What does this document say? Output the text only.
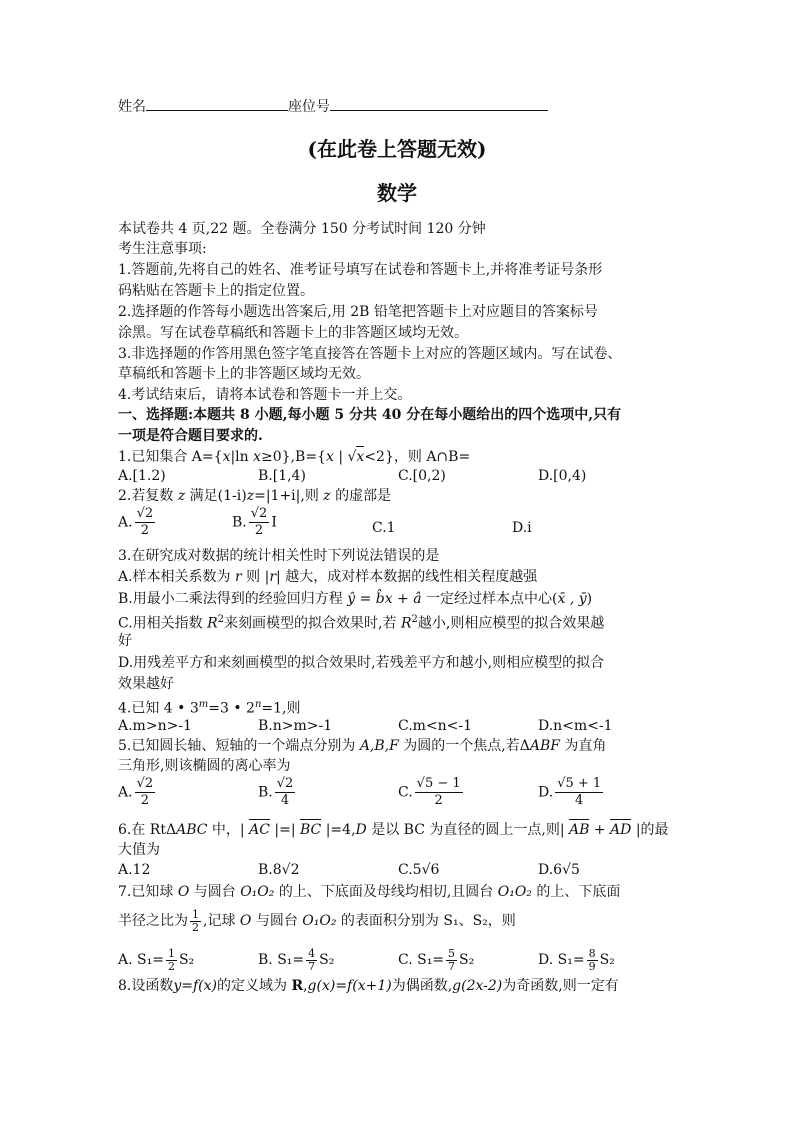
姓名	座位号
(在此卷上答题无效)
数学
本试卷共 4 页,22 题。全卷满分 150 分考试时间 120 分钟
考生注意事项:
1.答题前,先将自己的姓名、准考证号填写在试卷和答题卡上,并将准考证号条形
码粘贴在答题卡上的指定位置。
2.选择题的作答每小题选出答案后,用 2B 铅笔把答题卡上对应题目的答案标号
涂黑。写在试卷草稿纸和答题卡上的非答题区域均无效。
3.非选择题的作答用黑色签字笔直接答在答题卡上对应的答题区域内。写在试卷、
草稿纸和答题卡上的非答题区域均无效。
4.考试结束后，请将本试卷和答题卡一并上交。
一、选择题:本题共 8 小题,每小题 5 分共 40 分在每小题给出的四个选项中,只有
一项是符合题目要求的.
1.已知集合 A={x|ln x≥0},B={x | √x<2}，则 A∩B=
A.[1.2)	B.[1,4)	C.[0,2)	D.[0,4)
2.若复数 z 满足(1-i)z=|1+i|,则 z 的虚部是
A. $\frac{√2}{2}$	B. $\frac{√2}{2}$ I	C.1	D.i
3.在研究成对数据的统计相关性时下列说法错误的是
A.样本相关系数为 r 则 |r| 越大，成对样本数据的线性相关程度越强
B.用最小二乘法得到的经验回归方程 ŷ = b̂x + â 一定经过样本点中心(x̄ , ȳ)
C.用相关指数 $R^2$来刻画模型的拟合效果时,若 $R^2$越小,则相应模型的拟合效果越
好
D.用残差平方和来刻画模型的拟合效果时,若残差平方和越小,则相应模型的拟合
效果越好
4.已知 4 • $3^m=3$ • $2^n=1$,则
A.m>n>-1	B.n>m>-1	C.m<n<-1	D.n<m<-1
5.已知圆长轴、短轴的一个端点分别为 A,B,F 为圆的一个焦点,若ΔABF 为直角
三角形,则该椭圆的离心率为
A. $\frac{√2}{2}$	B. $\frac{√2}{4}$	C. $\frac{√5 - 1}{2}$	D. $\frac{√5 + 1}{4}$
6.在 RtΔABC 中，| AC |=| BC |=4,D 是以 BC 为直径的圆上一点,则| AB + AD |的最
大值为
A.12	B.8√2	C.5√6	D.6√5
7.已知球 O 与圆台 O₁O₂ 的上、下底面及母线均相切,且圆台 O₁O₂ 的上、下底面
半径之比为 $\frac{1}{2}$ ,记球 O 与圆台 O₁O₂ 的表面积分别为 S₁、S₂，则
A. $S_1= \frac{1}{2} S_2$	B. $S_1= \frac{4}{7} S_2$	C. $S_1= \frac{5}{7} S_2$	D. $S_1= \frac{8}{9} S_2$
8.设函数y=f(x)的定义域为 R,g(x)=f(x+1)为偶函数,g(2x-2)为奇函数,则一定有
